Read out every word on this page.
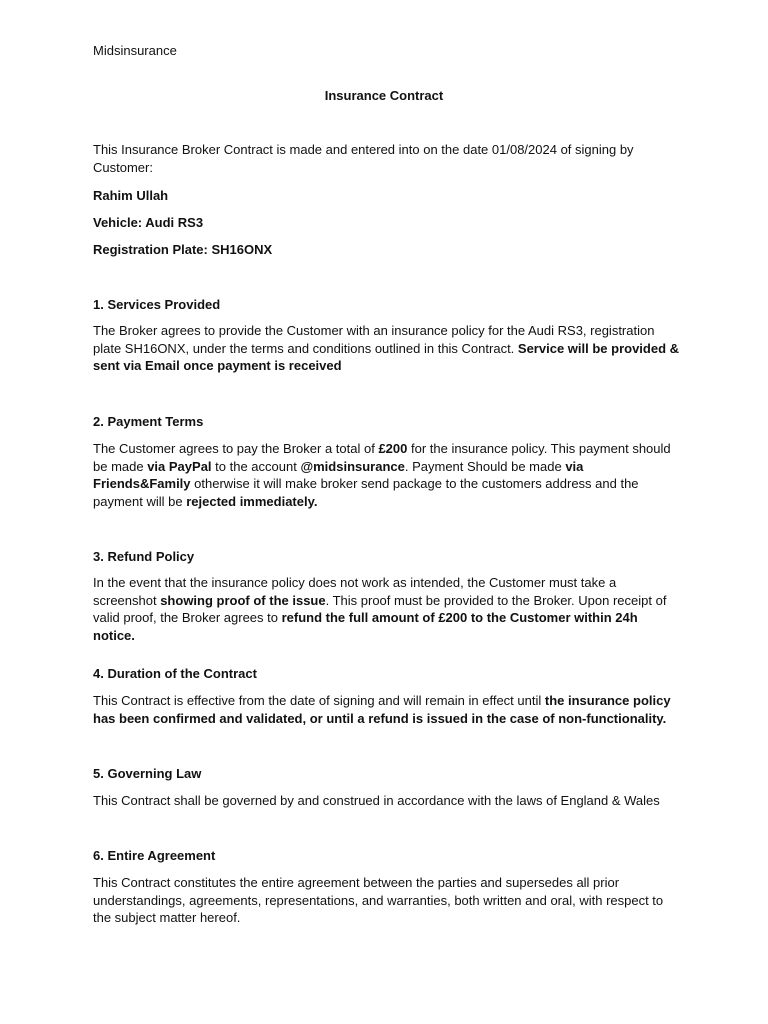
Midsinsurance
Insurance Contract
This Insurance Broker Contract is made and entered into on the date 01/08/2024 of signing by Customer:
Rahim Ullah
Vehicle: Audi RS3
Registration Plate: SH16ONX
1. Services Provided
The Broker agrees to provide the Customer with an insurance policy for the Audi RS3, registration plate SH16ONX, under the terms and conditions outlined in this Contract. Service will be provided & sent via Email once payment is received
2. Payment Terms
The Customer agrees to pay the Broker a total of £200 for the insurance policy. This payment should be made via PayPal to the account @midsinsurance. Payment Should be made via Friends&Family otherwise it will make broker send package to the customers address and the payment will be rejected immediately.
3. Refund Policy
In the event that the insurance policy does not work as intended, the Customer must take a screenshot showing proof of the issue. This proof must be provided to the Broker. Upon receipt of valid proof, the Broker agrees to refund the full amount of £200 to the Customer within 24h notice.
4. Duration of the Contract
This Contract is effective from the date of signing and will remain in effect until the insurance policy has been confirmed and validated, or until a refund is issued in the case of non-functionality.
5. Governing Law
This Contract shall be governed by and construed in accordance with the laws of England & Wales
6. Entire Agreement
This Contract constitutes the entire agreement between the parties and supersedes all prior understandings, agreements, representations, and warranties, both written and oral, with respect to the subject matter hereof.
